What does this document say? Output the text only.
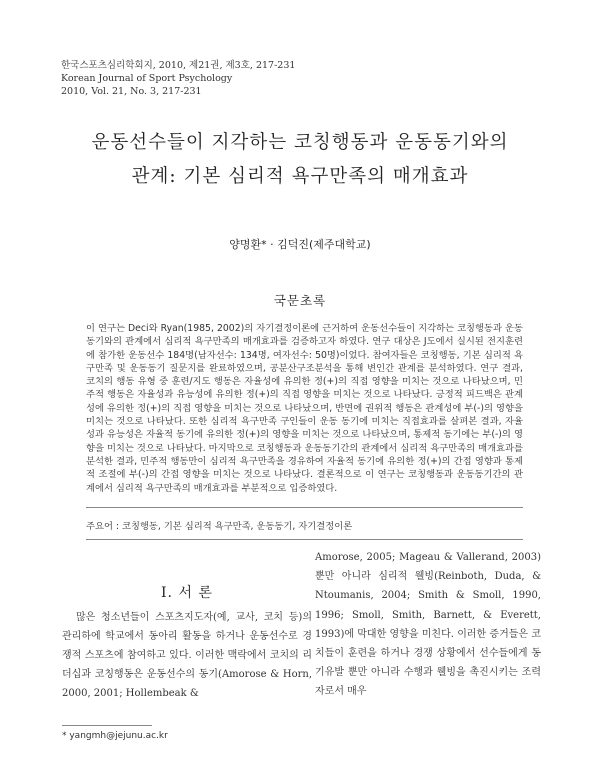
한국스포츠심리학회지, 2010, 제21권, 제3호, 217-231
Korean Journal of Sport Psychology
2010, Vol. 21, No. 3, 217-231
운동선수들이 지각하는 코칭행동과 운동동기와의
관계: 기본 심리적 욕구만족의 매개효과
양명환* · 김덕진(제주대학교)
국문초록
이 연구는 Deci와 Ryan(1985, 2002)의 자기결정이론에 근거하여 운동선수들이 지각하는 코칭행동과 운동동기와의 관계에서 심리적 욕구만족의 매개효과를 검증하고자 하였다. 연구 대상은 J도에서 실시된 전지훈련에 참가한 운동선수 184명(남자선수: 134명, 여자선수: 50명)이었다. 참여자들은 코칭행동, 기본 심리적 욕구만족 및 운동동기 질문지를 완료하였으며, 공분산구조분석을 통해 변인간 관계를 분석하였다. 연구 결과, 코치의 행동 유형 중 훈련/지도 행동은 자율성에 유의한 정(+)의 직접 영향을 미치는 것으로 나타났으며, 민주적 행동은 자율성과 유능성에 유의한 정(+)의 직접 영향을 미치는 것으로 나타났다. 긍정적 피드백은 관계성에 유의한 정(+)의 직접 영향을 미치는 것으로 나타났으며, 반면에 권위적 행동은 관계성에 부(-)의 영향을 미치는 것으로 나타났다. 또한 심리적 욕구만족 구인들이 운동 동기에 미치는 직접효과를 살펴본 결과, 자율성과 유능성은 자율적 동기에 유의한 정(+)의 영향을 미치는 것으로 나타났으며, 통제적 동기에는 부(-)의 영향을 미치는 것으로 나타났다. 마지막으로 코칭행동과 운동동기간의 관계에서 심리적 욕구만족의 매개효과를 분석한 결과, 민주적 행동만이 심리적 욕구만족을 경유하여 자율적 동기에 유의한 정(+)의 간접 영향과 통제적 조절에 부(-)의 간접 영향을 미치는 것으로 나타났다. 결론적으로 이 연구는 코칭행동과 운동동기간의 관계에서 심리적 욕구만족의 매개효과를 부분적으로 입증하였다.
주요어 : 코칭행동, 기본 심리적 욕구만족, 운동동기, 자기결정이론
I. 서 론
많은 청소년들이 스포츠지도자(예, 교사, 코치 등)의 관리하에 학교에서 동아리 활동을 하거나 운동선수로 경쟁적 스포츠에 참여하고 있다. 이러한 맥락에서 코치의 리더십과 코칭행동은 운동선수의 동기(Amorose & Horn, 2000, 2001; Hollembeak &
Amorose, 2005; Mageau & Vallerand, 2003) 뿐만 아니라 심리적 웰빙(Reinboth, Duda, & Ntoumanis, 2004; Smith & Smoll, 1990, 1996; Smoll, Smith, Barnett, & Everett, 1993)에 막대한 영향을 미친다. 이러한 증거들은 코치들이 훈련을 하거나 경쟁 상황에서 선수들에게 동기유발 뿐만 아니라 수행과 웰빙을 촉진시키는 조력자로서 매우
* yangmh@jejunu.ac.kr
